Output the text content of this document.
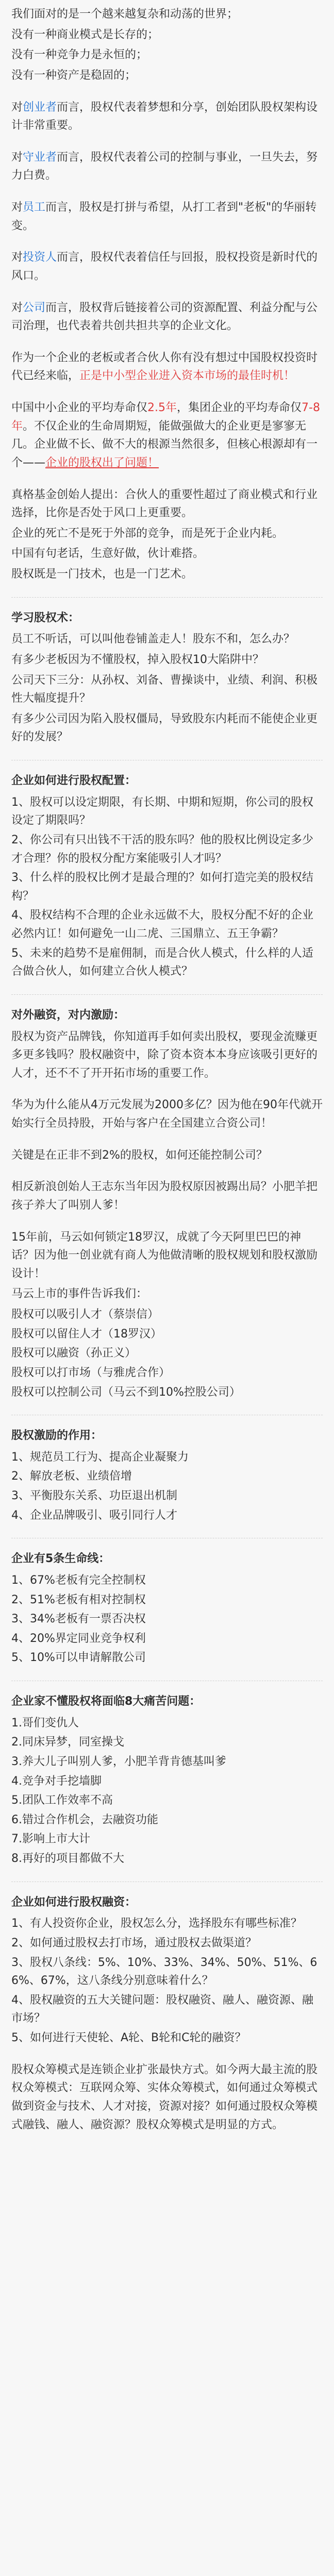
我们面对的是一个越来越复杂和动荡的世界；
没有一种商业模式是长存的；
没有一种竞争力是永恒的；
没有一种资产是稳固的；
对创业者而言，股权代表着梦想和分享，创始团队股权架构设计非常重要。
对守业者而言，股权代表着公司的控制与事业，一旦失去，努力白费。
对员工而言，股权是打拼与希望，从打工者到"老板"的华丽转变。
对投资人而言，股权代表着信任与回报，股权投资是新时代的风口。
对公司而言，股权背后链接着公司的资源配置、利益分配与公司治理，也代表着共创共担共享的企业文化。
作为一个企业的老板或者合伙人你有没有想过中国股权投资时代已经来临，正是中小型企业进入资本市场的最佳时机！
中国中小企业的平均寿命仅2.5年，集团企业的平均寿命仅7-8年。不仅企业的生命周期短，能做强做大的企业更是寥寥无几。企业做不长、做不大的根源当然很多，但核心根源却有一个——企业的股权出了问题！
真格基金创始人提出：合伙人的重要性超过了商业模式和行业选择，比你是否处于风口上更重要。
企业的死亡不是死于外部的竞争，而是死于企业内耗。
中国有句老话，生意好做，伙计难搭。
股权既是一门技术，也是一门艺术。
学习股权术：
员工不听话，可以叫他卷铺盖走人！股东不和，怎么办？
有多少老板因为不懂股权，掉入股权10大陷阱中？
公司天下三分：从孙权、刘备、曹操谈中，业绩、利润、积极性大幅度提升？
有多少公司因为陷入股权僵局，导致股东内耗而不能使企业更好的发展？
企业如何进行股权配置：
1、股权可以设定期限，有长期、中期和短期，你公司的股权设定了期限吗？
2、你公司有只出钱不干活的股东吗？他的股权比例设定多少才合理？你的股权分配方案能吸引人才吗？
3、什么样的股权比例才是最合理的？如何打造完美的股权结构？
4、股权结构不合理的企业永远做不大，股权分配不好的企业必然内讧！如何避免一山二虎、三国鼎立、五王争霸？
5、未来的趋势不是雇佣制，而是合伙人模式，什么样的人适合做合伙人，如何建立合伙人模式？
对外融资，对内激励：
股权为资产品牌钱，你知道再手如何卖出股权，要现金流赚更多更多钱吗？股权融资中，除了资本资本本身应该吸引更好的人才，还不不了开开拓市场的重要工作。
华为为什么能从4万元发展为2000多亿？因为他在90年代就开始实行全员持股，开始与客户在全国建立合资公司！
关键是在正非不到2%的股权，如何还能控制公司？
相反新浪创始人王志东当年因为股权原因被踢出局？小肥羊把孩子养大了叫别人爹！
15年前，马云如何锁定18罗汉，成就了今天阿里巴巴的神话？因为他一创业就有商人为他做清晰的股权规划和股权激励设计！
马云上市的事件告诉我们：
股权可以吸引人才（蔡崇信）
股权可以留住人才（18罗汉）
股权可以融资（孙正义）
股权可以打市场（与雅虎合作）
股权可以控制公司（马云不到10%控股公司）
股权激励的作用：
1、规范员工行为、提高企业凝聚力
2、解放老板、业绩倍增
3、平衡股东关系、功臣退出机制
4、企业品牌吸引、吸引同行人才
企业有5条生命线：
1、67%老板有完全控制权
2、51%老板有相对控制权
3、34%老板有一票否决权
4、20%界定同业竞争权利
5、10%可以申请解散公司
企业家不懂股权将面临8大痛苦问题：
1.哥们变仇人
2.同床异梦，同室操戈
3.养大儿子叫别人爹，小肥羊背肯德基叫爹
4.竞争对手挖墙脚
5.团队工作效率不高
6.错过合作机会，去融资功能
7.影响上市大计
8.再好的项目都做不大
企业如何进行股权融资：
1、有人投资你企业，股权怎么分，选择股东有哪些标准？
2、如何通过股权去打市场，通过股权去做渠道？
3、股权八条线：5%、10%、33%、34%、50%、51%、66%、67%，这八条线分别意味着什么？
4、股权融资的五大关键问题：股权融资、融人、融资源、融市场？
5、如何进行天使轮、A轮、B轮和C轮的融资？
股权众筹模式是连锁企业扩张最快方式。如今两大最主流的股权众筹模式：互联网众筹、实体众筹模式，如何通过众筹模式做到资金与技术、人才对接，资源对接？如何通过股权众筹模式融钱、融人、融资源？股权众筹模式是明显的方式。
